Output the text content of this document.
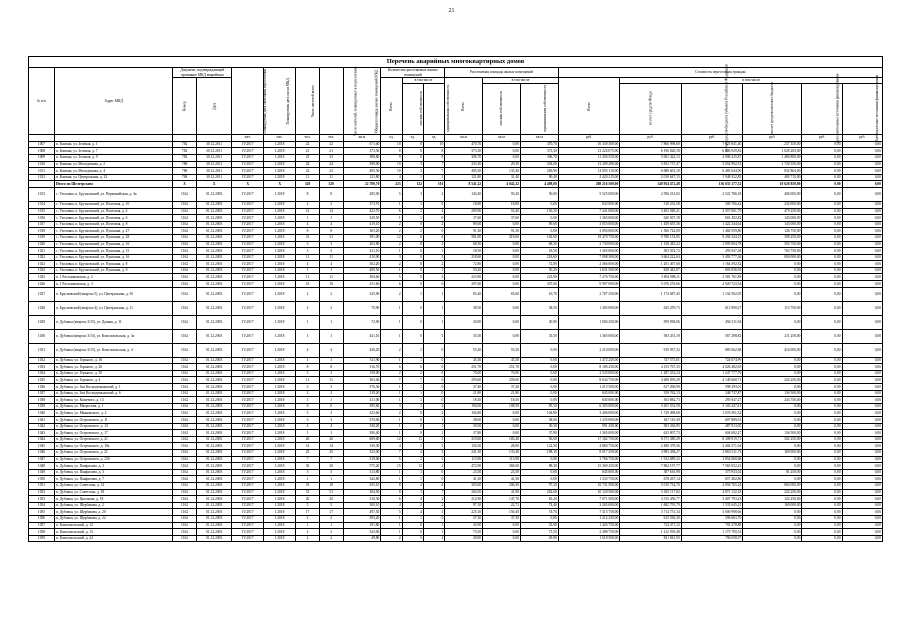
21
Перечень аварийных многоквартирных домов
№ п/п	Адрес МКД	Документ, подтверждающий признание МКД аварийным		Планируемая дата окончания переселения	Планируемая дата сноса МКД	Число жителей всего	Число жителей, планируемых к переселению	Общая площадь жилых помещений МКД	Количество расселяемых жилых помещений			Расселяемая площадь жилых помещений			Стоимость переселения граждан					
		Номер	Дата						Всего	в том числе		Всего	в том числе		Всего	в том числе				
										частная собственность	муниципальная собственность		частная собственность	муниципальная собственность		за счет средств Фонда	за счет средств бюджета субъекта Российской Федерации	за счет средств местного бюджета	Дополнительные источники финансирования	Внебюджетные источники финансирования
				мес.	мес.	чел.	чел.	кв.м	ед.	ед.	ед.	кв.м	кв.м	кв.м	руб.	руб.	руб.	руб.	руб.	руб.
1007	п. Кампна, ул. Зеленая, д. 1	782	30.12.2011	IV.2017	I.2018	22	22	671,60	10	0	10	470,70	0,00	470,70	16 330 300,00	7 866 998,60	7 625 841,40	237 350,00	0,00	0,00
1008	п. Кампна, ул. Зеленая, д. 7	782	30.12.2011	IV.2017	I.2018	21	21	373,30	8	0	8	373,30	0,00	373,30	13 224 075,00	6 196 828,18	6 606 929,82	1 028 283,00	0,00	0,00
1009	п. Кампна, ул. Зеленая, д. 9	782	30.12.2011	IV.2017	I.2018	23	23	388,80	9	0	9	306,70	0,00	306,70	11 456 550,00	5 061 424,13	4 906 325,87	1 486 800,00	0,00	0,00
1010	п. Кампна, ул. Молодежная, д. 2	786	30.12.2011	IV.2017	I.2018	24	24	399,90	10	3	7	333,30	29,30	304,00	13 209 280,00	5 833 737,47	5 654 992,53	1 720 550,00	0,00	0,00
1011	п. Кампна, ул. Молодежная, д. 4	786	30.12.2011	IV.2017	I.2018	23	23	405,30	10	3	7	405,30	135,40	269,90	14 005 110,00	6 688 601,10	6 483 644,90	832 864,00	0,00	0,00
1012	п. Кампна, ул. Центральная, д. 23	784	30.12.2011	IV.2017	I.2018	11	11	121,80	4	1	3	121,80	31,40	90,40	4 420 215,00	2 010 647,15	1 948 412,85	480 715,00	0,00	0,00
	Итого по Шелтерским:	X	X	X	X	320	320	22 700,70	223	122	101	8 541,22	4 042,22	4 498,00	288 216 500,00	140 954 472,48	136 635 177,52	10 626 850,00	0,00	0,00
1013	с. Ухоловка, п. Брусновский, ул. Первомайская, д. 4а	1162	01.12.2003	IV.2017	I.2018	8	8	285,00	5	3	2	143,20	93,20	50,00	5 525 000,00	2 596 213,02	2 522 786,18	406 000,00	0,00	0,00
1014	с. Ухоловка, п. Брусновский, ул. Почтовая, д. 10	1162	01.12.2003	IV.2017	I.2018	2	2	373,70	1	1	0	18,80	18,80	0,00	843 000,00	310 233,58	300 766,42	234 000,00	0,00	0,00
1015	с. Ухоловка, п. Брусновский, ул. Почтовая, д. 4	1162	01.12.2003	IV.2017	I.2018	14	14	423,70	6	2	4	209,90	53,40	156,50	7 241 000,00	3 403 948,21	3 357 801,79	479 250,00	0,00	0,00
1016	с. Ухоловка, п. Брусновский, ул. Почтовая, д. 6	1162	01.12.2003	IV.2017	I.2018	1	1	329,50	1	1	0	37,60	37,60	0,00	1 365 000,00	620 507,18	601 492,82	143 000,00	0,00	0,00
1017	с. Ухоловка, п. Брусновский, ул. Почтовая, д. 8	1162	01.12.2003	IV.2017	I.2018	4	4	419,10	2	0	2	89,60	0,00	89,60	3 055 000,00	1 458 655,36	1 422 344,64	143 000,00	0,00	0,00
1018	с. Ухоловка, п. Брусновский, ул. Пушкина, д. 27	1162	01.12.2003	IV.2017	I.2018	8	8	303,20	2	2	0	91,30	91,30	0,00	3 094 000,00	1 566 742,00	1 460 559,80	126 750,00	0,00	0,00
1019	с. Ухоловка, п. Брусновский, ул. Пушкина, д. 28	1162	01.12.2003	IV.2017	I.2018	31	31	581,00	12	6	6	581,00	419,00	162,00	19 470 750,00	9 780 153,85	9 294 344,15	398 250,00	0,00	0,00
1020	с. Ухоловка, п. Брусновский, ул. Пушкина, д. 16	1162	01.12.2003	IV.2017	I.2018	3	3	263,80	2	0	2	68,50	0,00	68,50	2 730 000,00	1 130 445,22	1 095 804,78	503 750,00	0,00	0,00
1021	с. Ухоловка, п. Брусновский, ул. Пушкина, д. 15	1162	01.12.2003	IV.2017	I.2018	3	3	411,10	1	0	1	18,50	0,00	18,50	1 365 000,00	303 502,72	293 947,28	763 750,00	0,00	0,00
1022	с. Ухоловка, п. Брусновский, ул. Пушкина, д. 16	1162	01.12.2003	IV.2017	I.2018	11	11	410,90	3	0	3	218,60	0,00	218,60	7 098 300,00	3 604 222,64	3 493 777,36	000 000,00	0,00	0,00
1023	с. Ухоловка, п. Брусновский, ул. Пушкина, д. 8	1162	01.12.2003	IV.2017	I.2018	4	4	302,20	2	0	2	72,80	0,00	72,80	2 366 000,00	1 201 407,68	1 164 592,32	0,00	0,00	0,00
1024	с. Ухоловка, п. Брусновский, ул. Пушкина, д. 9	1162	01.12.2003	IV.2017	I.2018	1	1	409,50	1	0	1	50,20	0,00	50,20	1 631 500,00	828 443,07	803 056,93	0,00	0,00	0,00
1025	п. 1 Рассыпновская, д. 2	1162	01.12.2003	IV.2017	I.2018	11	11	384,60	5	0	5	223,90	0,00	223,90	7 276 750,00	3 694 988,11	3 581 761,89	0,00	0,00	0,00
1026	п. 1 Рассыпновская, д. 3	1162	01.12.2003	IV.2017	I.2018	18	18	411,60	6	0	6	307,60	0,00	307,60	9 997 000,00	5 076 276,66	4 920 723,34	0,00	0,00	0,00
1027	п. Брусновский (квартал 5), ул. Центральная, д. 5б	1162	01.12.2003	IV.2017	I.2018	2	2	325,90	2	1	1	83,20	65,60	16,70	2 707 250,00	1 174 687,45	1 132 562,05	0,00	0,00	0,00
1028	п. Брусновский (квартал 4), ул. Центральная, д. 11	1162	01.12.2003	IV.2017	I.2018	2	2	70,90	1	0	1	38,50	0,00	38,50	1 365 000,00	635 259,73	615 990,27	113 750,00	0,00	0,00
1029	п. Дубовка (квартал 3/15), ул. Дачная, д. 11	1162	01.12.2003	IV.2017	I.2018	1	1	72,90	1	0	1	30,90	0,00	30,90	1 004 250,00	509 938,06	494 311,94	0,00	0,00	0,00
1030	п. Дубовка (квартал 3/15), ул. Комсомольская, д. 3а	1162	01.12.2003	IV.2017	I.2018	1	1	441,10	1	0	1	35,50	0,00	35,50	1 365 000,00	583 451,18	567 298,82	211 250,00	0,00	0,00
1031	п. Дубовка (квартал 3/15), ул. Комсомольская, д. 4	1162	01.12.2003	IV.2017	I.2018	4	4	436,20	2	2	0	55,20	55,20	0,00	2 210 000,00	910 937,32	883 062,68	416 000,00	0,00	0,00
1032	п. Дубовка, ул. Горького, д. 16	1162	01.12.2003	IV.2017	I.2018	1	1	311,90	1	1	0	45,30	45,30	0,00	1 472 250,00	747 575,01	724 674,99	0,00	0,00	0,00
1033	п. Дубовка, ул. Горького, д. 26	1162	01.12.2003	IV.2017	I.2018	8	8	316,70	6	6	0	251,70	251,70	0,00	8 180 250,00	4 153 767,35	4 026 482,65	0,00	0,00	0,00
1034	п. Дубовка, ул. Горького, д. 30	1162	01.12.2003	IV.2017	I.2018	3	3	158,00	2	2	0	70,00	70,00	0,00	2 535 000,00	1 287 252,24	1 247 777,76	0,00	0,00	0,00
1035	п. Дубовка, ул. Горького, д. 4	1162	01.12.2003	IV.2017	I.2018	11	11	303,40	7	7	0	259,60	259,60	0,00	8 634 750,00	4 280 839,29	4 149 660,71	224 250,00	0,00	0,00
1036	п. Дубовка, ул. Зои Космодемьянской, д. 1	1162	01.12.2003	IV.2017	I.2018	3	3	376,30	1	1	0	37,40	37,40	0,00	1 215 500,00	617 206,99	598 293,01	0,00	0,00	0,00
1037	п. Дубовка, ул. Зои Космодемьянской, д. 6	1162	01.12.2003	IV.2017	I.2018	2	2	319,20	1	1	0	21,80	21,80	0,00	845 000,00	359 762,13	348 737,87	136 500,00	0,00	0,00
1038	п. Дубовка, ул. Кошевого, д. 13	1162	01.12.2003	IV.2017	I.2018	1	1	411,00	1	1	0	18,50	18,50	0,00	845 000,00	303 882,73	293 947,27	243 750,00	0,00	0,00
1039	п. Дубовка, ул. Матросова, д. 1	1162	01.12.2003	IV.2017	I.2018	6	6	395,60	3	1	2	194,00	108,50	85,50	6 305 000,00	3 201 552,59	3 103 447,41	0,00	0,00	0,00
1040	п. Дубовка, ул. Маяковского, д. 2	1162	01.12.2003	IV.2017	I.2018	3	3	323,60	2	0	2	104,80	0,00	104,80	3 406 000,00	1 729 498,68	1 676 501,32	0,00	0,00	0,00
1041	п. Дубовка, ул. Островского, д. 11	1162	01.12.2003	IV.2017	I.2018	3	3	370,00	1	0	1	38,00	0,00	38,00	1 235 000,00	627 110,39	607 889,61	0,00	0,00	0,00
1042	п. Дубовка, ул. Островского, д. 13	1162	01.12.2003	IV.2017	I.2018	4	4	330,20	1	0	1	30,50	0,00	30,50	991 250,00	503 336,95	487 913,05	0,00	0,00	0,00
1043	п. Дубовка, ул. Островского, д. 17	1162	01.12.2003	IV.2017	I.2018	1	1	390,40	1	0	1	37,80	0,00	37,80	1 365 000,00	623 807,73	604 692,27	136 500,00	0,00	0,00
1044	п. Дубовка, ул. Островского, д. 21	1162	01.12.2003	IV.2017	I.2018	26	26	609,60	12	11	1	319,60	183,40	56,00	17 182 750,00	8 571 380,29	8 308 919,71	302 250,00	0,00	0,00
1045	п. Дубовка, ул. Островского, д. 19а	1162	01.12.2003	IV.2017	I.2018	14	14	150,30	4	1	3	150,30	28,00	122,30	4 884 750,00	2 480 378,36	2 404 371,64	0,00	0,00	0,00
1046	п. Дубовка, ул. Островского, д. 21	1162	01.12.2003	IV.2017	I.2018	25	25	323,00	7	4	3	241,30	133,40	108,10	8 017 250,00	3 983 438,27	3 863 311,73	169 000,00	0,00	0,00
1047	п. Дубовка, ул. Островского, д. 23б	1162	01.12.2003	IV.2017	I.2018	7	7	319,00	5	2	3	115,90	115,90	0,00	3 766 750,00	1 912 689,32	1 854 060,68	0,00	0,00	0,00
1048	п. Дубовка, ул. Панфилова, д. 2	1162	01.12.2003	IV.2017	I.2018	30	30	575,20	15	13	2	472,90	384,60	88,30	15 369 250,00	7 804 197,77	7 565 052,23	0,00	0,00	0,00
1049	п. Дубовка, ул. Панфилова, д. 5	1162	01.12.2003	IV.2017	I.2018	3	3	313,80	1	1	0	23,50	23,50	0,00	845 000,00	387 616,98	375 933,02	81 250,00	0,00	0,00
1050	п. Дубовка, ул. Панфилова, д. 7	1162	01.12.2003	IV.2017	I.2018	1	1	342,80	1	1	0	41,30	41,30	0,00	1 335 750,00	678 267,14	657 482,86	0,00	0,00	0,00
1051	п. Дубовка, ул. Советская, д. 14	1162	01.12.2003	IV.2017	I.2018	18	18	635,10	8	4	4	303,60	206,30	97,30	10 731 500,00	5 010 734,76	4 856 765,24	864 000,00	0,00	0,00
1052	п. Дубовка, ул. Советская, д. 18	1162	01.12.2003	IV.2017	I.2018	31	31	304,50	8	1	7	304,50	41,90	262,60	10 120 500,00	5 025 117,82	4 871 132,18	224 250,00	0,00	0,00
1053	п. Дубовка, ул. Циолкова, д. 18	1162	01.12.2003	IV.2017	I.2018	20	20	310,30	6	4	2	212,90	147,70	65,20	7 071 500,00	3 515 456,77	3 407 793,23	124 250,00	0,00	0,00
1054	п. Дубовка, ул. Щербакова, д. 2	1162	01.12.2003	IV.2017	I.2018	5	5	300,10	4	2	2	97,10	22,72	74,40	3 265 000,00	1 682 795,79	1 535 045,21	169 000,00	0,00	0,00
1055	п. Дубовка, ул. Щербакова, д. 20	1162	01.12.2003	IV.2017	I.2018	17	17	497,30	5	4	1	225,10	150,40	74,70	7 315 750,00	3 714 751,34	3 600 998,66	0,00	0,00	0,00
1056	п. Дубовка, ул. Щербакова, д. 22	1162	01.12.2003	IV.2017	I.2018	2	2	393,20	1	1	0	37,30	37,30	0,00	1 212 250,00	615 536,30	596 663,70	0,00	0,00	0,00
1057	п. Комсомольский, д. 12	1162	01.12.2003	IV.2017	I.2018	1	1	191,80	1	0	1	43,90	0,00	43,90	1 426 750,00	724 471,12	702 278,88	0,00	0,00	0,00
1058	п. Комсомольский, д. 13	1162	01.12.2003	IV.2017	I.2018	2	2	343,00	1	0	1	73,50	0,00	73,50	2 388 750,00	1 212 939,48	1 175 790,52	0,00	0,00	0,00
1059	п. Комсомольский, д. 24	1162	01.12.2003	IV.2017	I.2018	2	2	49,80	2	0	2	49,80	0,00	49,80	1 618 500,00	821 841,93	796 658,07	0,00	0,00	0,00
